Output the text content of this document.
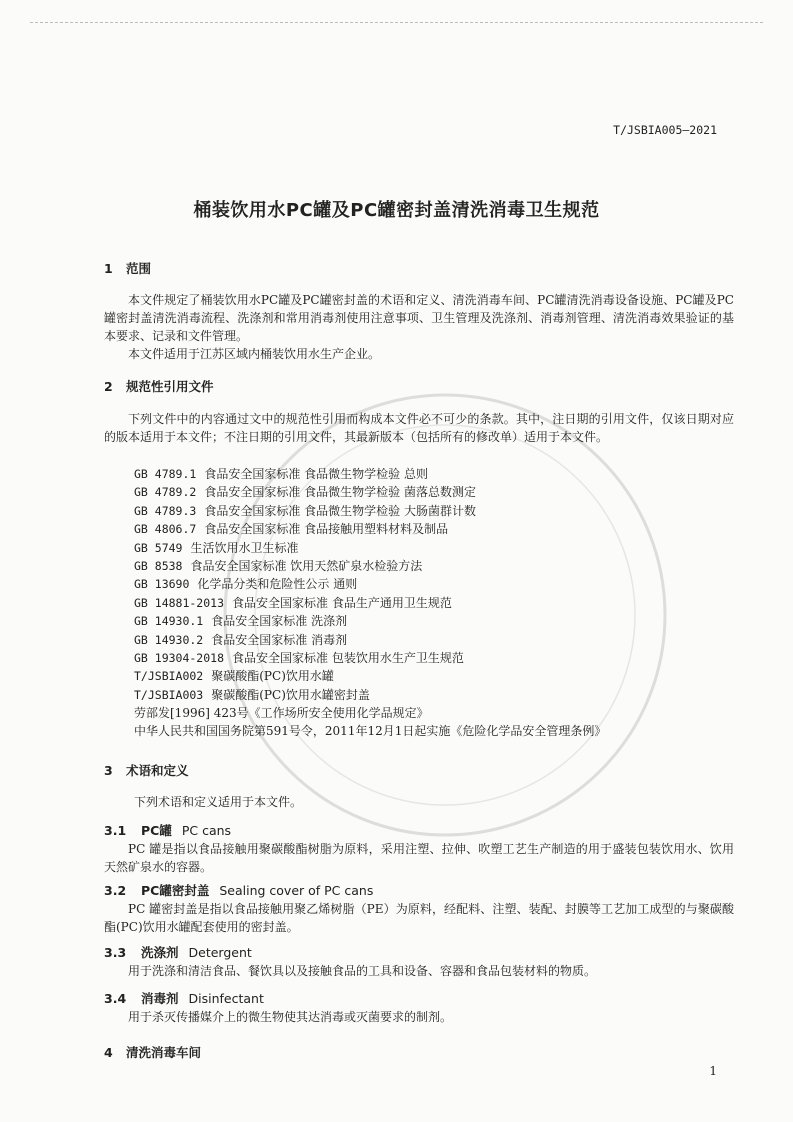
T/JSBIA005—2021
桶装饮用水PC罐及PC罐密封盖清洗消毒卫生规范
1 范围
本文件规定了桶装饮用水PC罐及PC罐密封盖的术语和定义、清洗消毒车间、PC罐清洗消毒设备设施、PC罐及PC罐密封盖清洗消毒流程、洗涤剂和常用消毒剂使用注意事项、卫生管理及洗涤剂、消毒剂管理、清洗消毒效果验证的基本要求、记录和文件管理。
本文件适用于江苏区域内桶装饮用水生产企业。
2 规范性引用文件
下列文件中的内容通过文中的规范性引用而构成本文件必不可少的条款。其中，注日期的引用文件，仅该日期对应的版本适用于本文件；不注日期的引用文件，其最新版本（包括所有的修改单）适用于本文件。
GB 4789.1 食品安全国家标准 食品微生物学检验 总则
GB 4789.2 食品安全国家标准 食品微生物学检验 菌落总数测定
GB 4789.3 食品安全国家标准 食品微生物学检验 大肠菌群计数
GB 4806.7 食品安全国家标准 食品接触用塑料材料及制品
GB 5749 生活饮用水卫生标准
GB 8538 食品安全国家标准 饮用天然矿泉水检验方法
GB 13690 化学品分类和危险性公示 通则
GB 14881-2013 食品安全国家标准 食品生产通用卫生规范
GB 14930.1 食品安全国家标准 洗涤剂
GB 14930.2 食品安全国家标准 消毒剂
GB 19304-2018 食品安全国家标准 包装饮用水生产卫生规范
T/JSBIA002 聚碳酸酯(PC)饮用水罐
T/JSBIA003 聚碳酸酯(PC)饮用水罐密封盖
劳部发[1996] 423号《工作场所安全使用化学品规定》
中华人民共和国国务院第591号令，2011年12月1日起实施《危险化学品安全管理条例》
3 术语和定义
下列术语和定义适用于本文件。
3.1 PC罐 PC cans
PC 罐是指以食品接触用聚碳酸酯树脂为原料，采用注塑、拉伸、吹塑工艺生产制造的用于盛装包装饮用水、饮用天然矿泉水的容器。
3.2 PC罐密封盖 Sealing cover of PC cans
PC 罐密封盖是指以食品接触用聚乙烯树脂（PE）为原料，经配料、注塑、装配、封膜等工艺加工成型的与聚碳酸酯(PC)饮用水罐配套使用的密封盖。
3.3 洗涤剂 Detergent
用于洗涤和清洁食品、餐饮具以及接触食品的工具和设备、容器和食品包装材料的物质。
3.4 消毒剂 Disinfectant
用于杀灭传播媒介上的微生物使其达消毒或灭菌要求的制剂。
4 清洗消毒车间
1
